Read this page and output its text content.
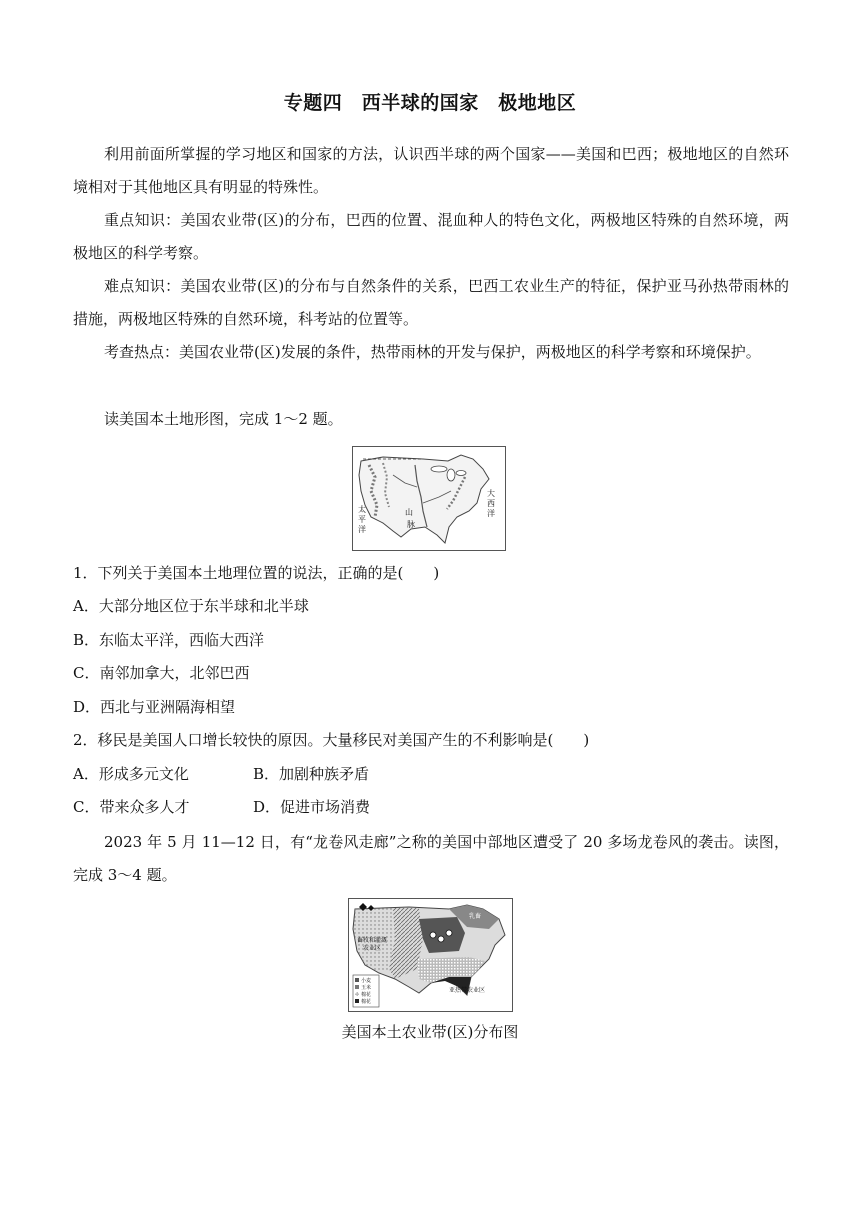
专题四　西半球的国家　极地地区

利用前面所掌握的学习地区和国家的方法，认识西半球的两个国家——美国和巴西；极地地区的自然环境相对于其他地区具有明显的特殊性。

重点知识：美国农业带(区)的分布，巴西的位置、混血种人的特色文化，两极地区特殊的自然环境，两极地区的科学考察。

难点知识：美国农业带(区)的分布与自然条件的关系，巴西工农业生产的特征，保护亚马孙热带雨林的措施，两极地区特殊的自然环境，科考站的位置等。

考查热点：美国农业带(区)发展的条件，热带雨林的开发与保护，两极地区的科学考察和环境保护。

读美国本土地形图，完成 1～2 题。

太平洋
大西洋
山
脉

1．下列关于美国本土地理位置的说法，正确的是(　　)

A．大部分地区位于东半球和北半球

B．东临太平洋，西临大西洋

C．南邻加拿大，北邻巴西

D．西北与亚洲隔海相望

2．移民是美国人口增长较快的原因。大量移民对美国产生的不利影响是(　　)

A．形成多元文化	B．加剧种族矛盾

C．带来众多人才	D．促进市场消费

2023 年 5 月 11—12 日，有“龙卷风走廊”之称的美国中部地区遭受了 20 多场龙卷风的袭击。读图，完成 3～4 题。

畜牧和灌溉
农业区
乳畜
亚热带农业区
小麦
玉米
棉花
棉花
美国本土农业带(区)分布图
